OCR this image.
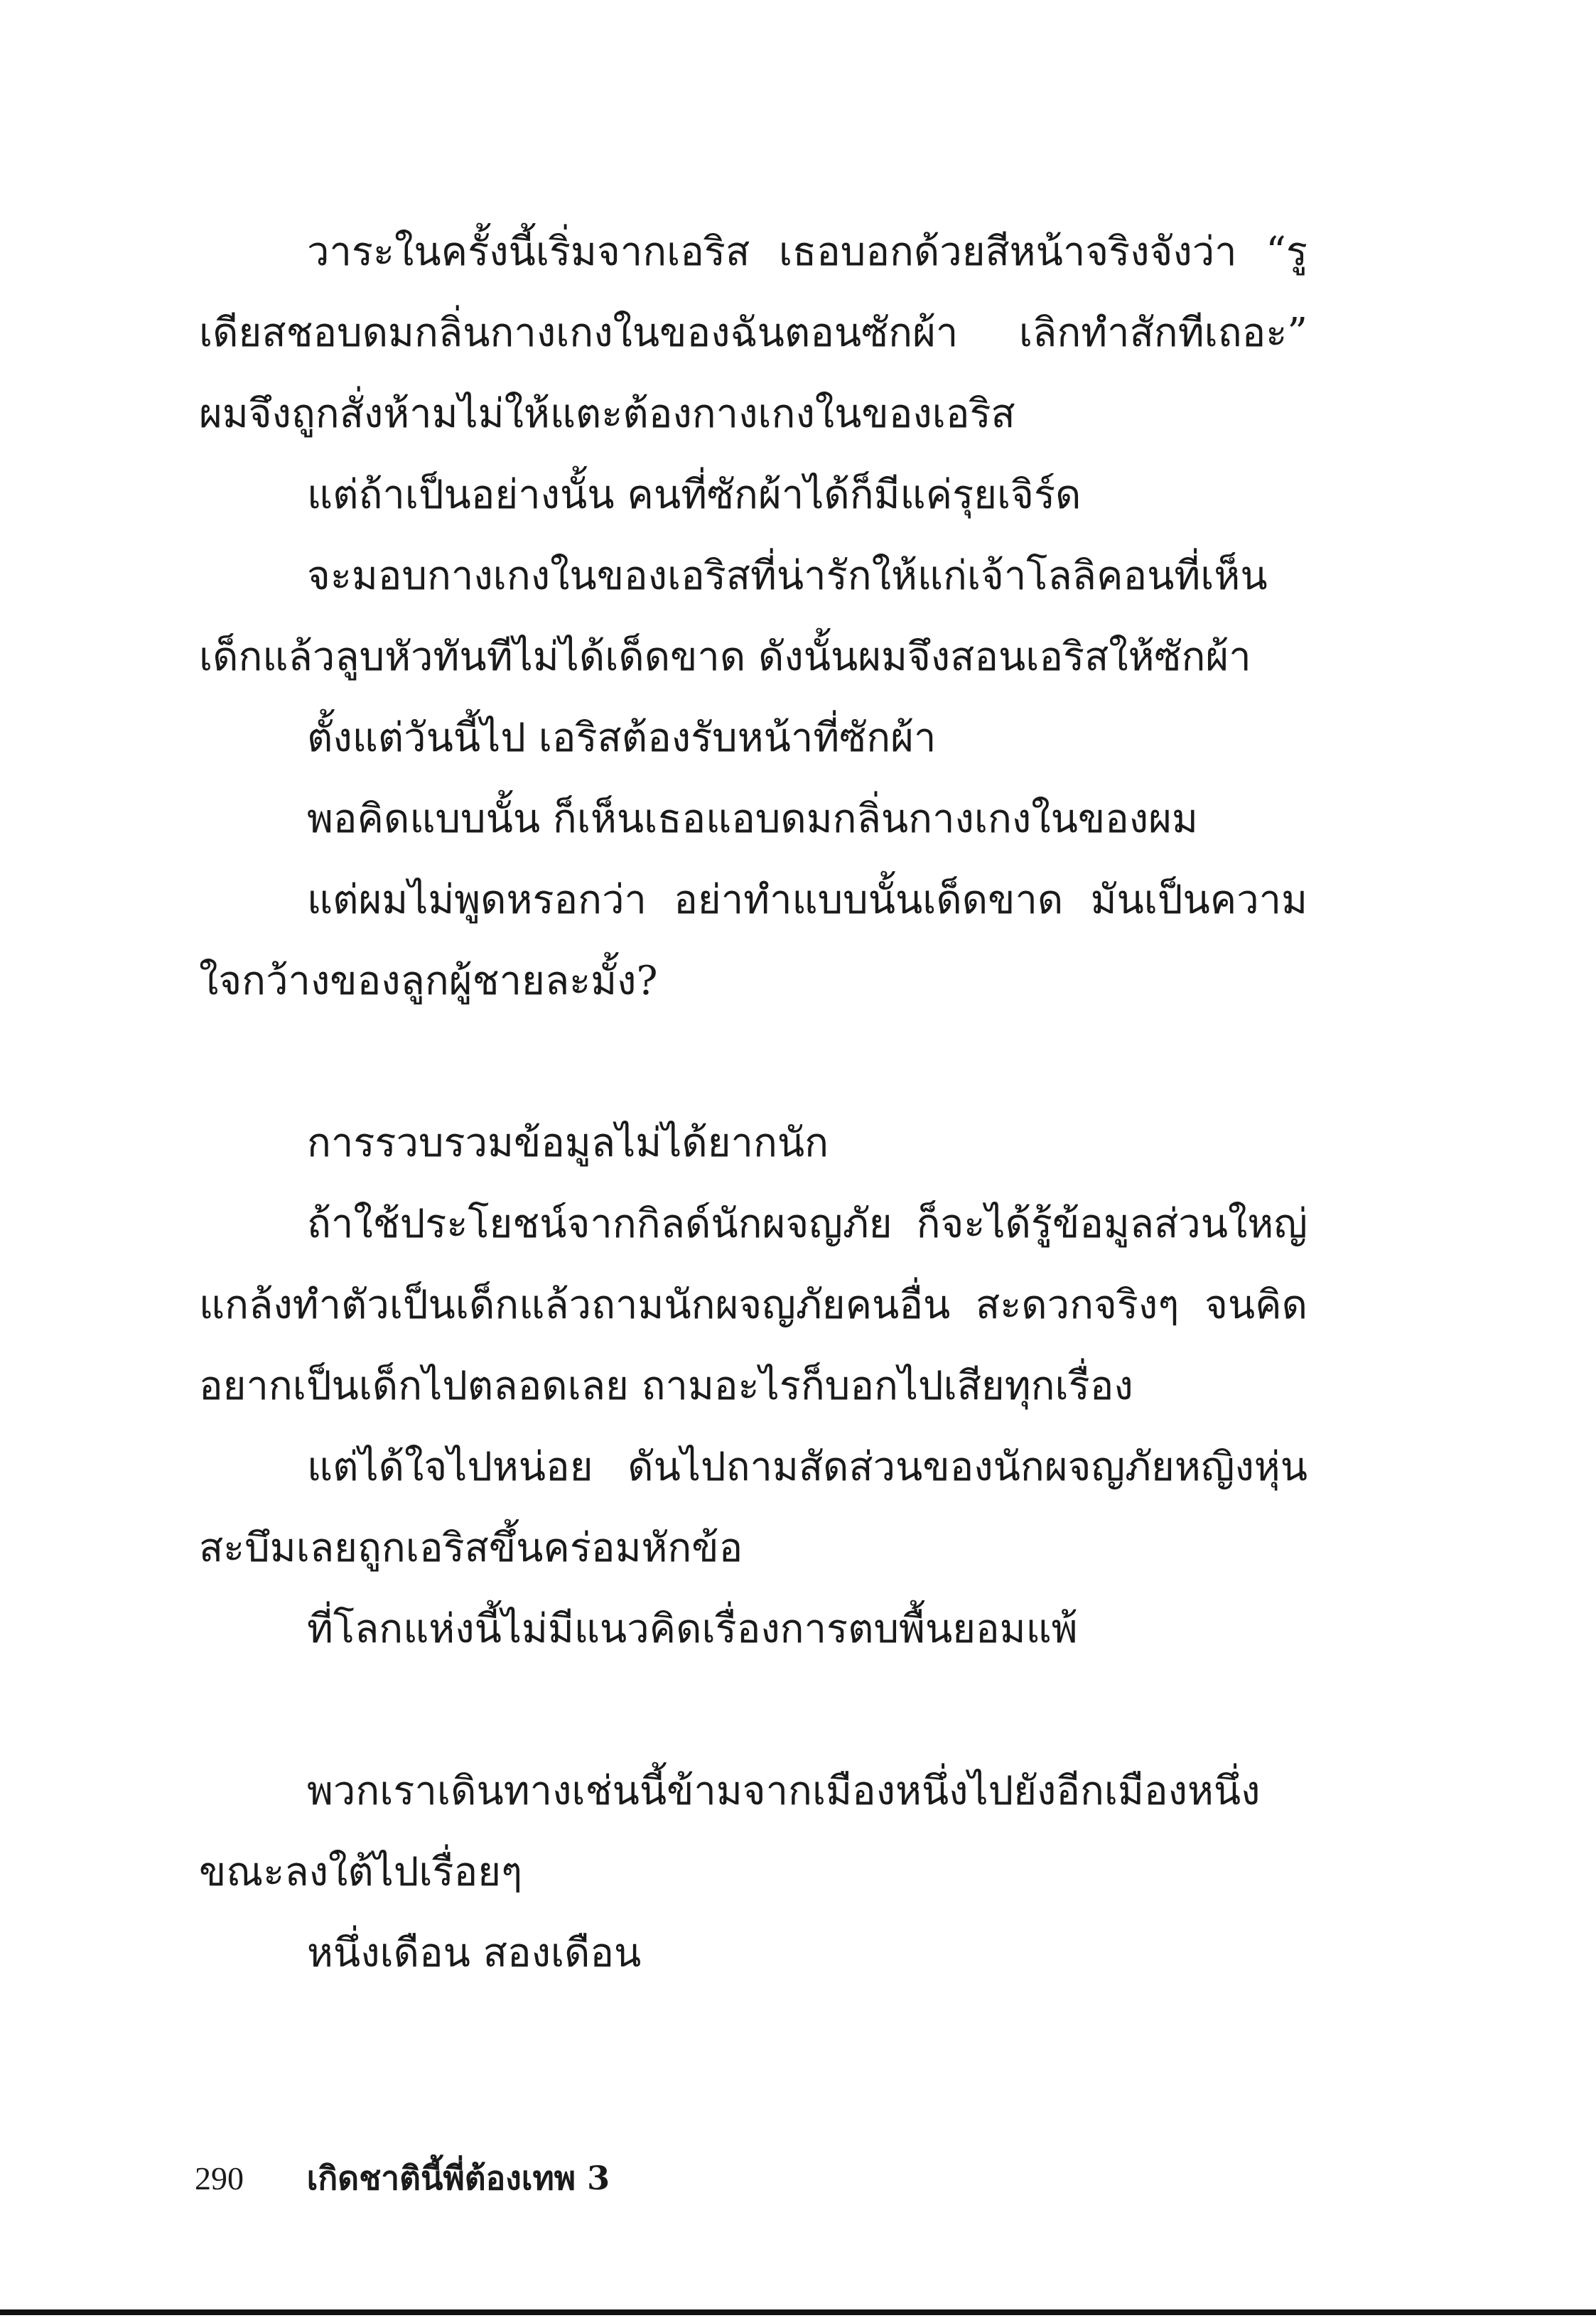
วาระในครั้งนี้เริ่มจากเอริส เธอบอกด้วยสีหน้าจริงจังว่า “รูเดียสชอบดมกลิ่นกางเกงในของฉันตอนซักผ้า เลิกทำสักทีเถอะ” ผมจึงถูกสั่งห้ามไม่ให้แตะต้องกางเกงในของเอริส

แต่ถ้าเป็นอย่างนั้น คนที่ซักผ้าได้ก็มีแค่รุยเจิร์ด

จะมอบกางเกงในของเอริสที่น่ารักให้แก่เจ้าโลลิคอนที่เห็นเด็กแล้วลูบหัวทันทีไม่ได้เด็ดขาด ดังนั้นผมจึงสอนเอริสให้ซักผ้า

ตั้งแต่วันนี้ไป เอริสต้องรับหน้าที่ซักผ้า

พอคิดแบบนั้น ก็เห็นเธอแอบดมกลิ่นกางเกงในของผม

แต่ผมไม่พูดหรอกว่า อย่าทำแบบนั้นเด็ดขาด มันเป็นความใจกว้างของลูกผู้ชายละมั้ง?

การรวบรวมข้อมูลไม่ได้ยากนัก

ถ้าใช้ประโยชน์จากกิลด์นักผจญภัย ก็จะได้รู้ข้อมูลส่วนใหญ่ แกล้งทำตัวเป็นเด็กแล้วถามนักผจญภัยคนอื่น สะดวกจริงๆ จนคิดอยากเป็นเด็กไปตลอดเลย ถามอะไรก็บอกไปเสียทุกเรื่อง

แต่ได้ใจไปหน่อย ดันไปถามสัดส่วนของนักผจญภัยหญิงหุ่นสะบึมเลยถูกเอริสขึ้นคร่อมหักข้อ

ที่โลกแห่งนี้ไม่มีแนวคิดเรื่องการตบพื้นยอมแพ้

พวกเราเดินทางเช่นนี้ข้ามจากเมืองหนึ่งไปยังอีกเมืองหนึ่ง ขณะลงใต้ไปเรื่อยๆ

หนึ่งเดือน สองเดือน

290 เกิดชาตินี้พี่ต้องเทพ 3
